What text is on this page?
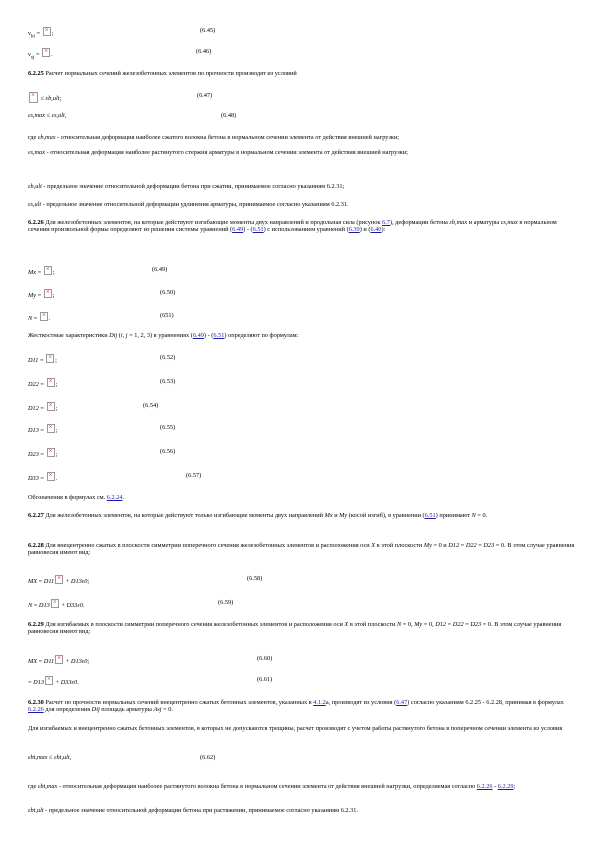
$\nu_{bi}$ = ×;	(6.45)
$\nu_{sj}$ = ×.	(6.46)
6.2.25 Расчет нормальных сечений железобетонных элементов по прочности производят из условий
× ≤ εb,ult;	(6.47)
εs,max ≤ εs,ult,	(6.48)
где εb,max - относительная деформация наиболее сжатого волокна бетона в нормальном сечении элемента от действия внешней нагрузки;
εs,max - относительная деформация наиболее растянутого стержня арматуры в нормальном сечении элемента от действия внешней нагрузки;
εb,ult - предельное значение относительной деформации бетона при сжатии, принимаемое согласно указаниям 6.2.31;
εs,ult - предельное значение относительной деформации удлинения арматуры, принимаемое согласно указаниям 6.2.31.
6.2.26 Для железобетонных элементов, на которые действуют изгибающие моменты двух направлений и продольная сила (рисунок 6.7), деформации бетона εb,max и арматуры εs,max в нормальном сечении произвольной формы определяют из решения системы уравнений (6.49) - (6.51) с использованием уравнений (6.39) и (6.40):
Mx = ×;	(6.49)
My = ×;	(6.50)
N = ×.	(651)
Жесткостные характеристики Dij (i, j = 1, 2, 3) в уравнениях (6.49) - (6.51) определяют по формулам:
D11 = ×;	(6.52)
D22 = ×;	(6.53)
D12 = ×;	(6.54)
D13 = ×;	(6.55)
D23 = ×;	(6.56)
D33 = ×.	(6.57)
Обозначения в формулах см. 6.2.24.
6.2.27 Для железобетонных элементов, на которые действуют только изгибающие моменты двух направлений Mx и My (косой изгиб), в уравнении (6.51) принимают N = 0.
6.2.28 Для внецентренно сжатых в плоскости симметрии поперечного сечения железобетонных элементов и расположения оси X в этой плоскости My = 0 и D12 = D22 = D23 = 0. В этом случае уравнения равновесия имеют вид:
MX = D11× + D13ε0;	(6.58)
N = D13× + D33ε0.	(6.59)
6.2.29 Для изгибаемых в плоскости симметрии поперечного сечения железобетонных элементов и расположения оси X в этой плоскости N = 0, My = 0, D12 = D22 = D23 = 0. В этом случае уравнения равновесия имеют вид:
MX = D11× + D13ε0;	(6.60)
= D13× + D33ε0.	(6.61)
6.2.30 Расчет по прочности нормальных сечений внецентренно сжатых бетонных элементов, указанных в 4.1.2а, производят из условия (6.47) согласно указаниям 6.2.25 - 6.2.28, принимая в формулах 6.2.26 для определения Dij площадь арматуры Asj = 0.
Для изгибаемых и внецентренно сжатых бетонных элементов, в которых не допускаются трещины, расчет производят с учетом работы растянутого бетона в поперечном сечении элемента из условия
εbt,max ≤ εbt,ult,	(6.62)
где εbt,max - относительная деформация наиболее растянутого волокна бетона в нормальном сечении элемента от действия внешней нагрузки, определяемая согласно 6.2.26 - 6.2.29;
εbt,ult - предельное значение относительной деформации бетона при растяжении, принимаемое согласно указаниям 6.2.31.
